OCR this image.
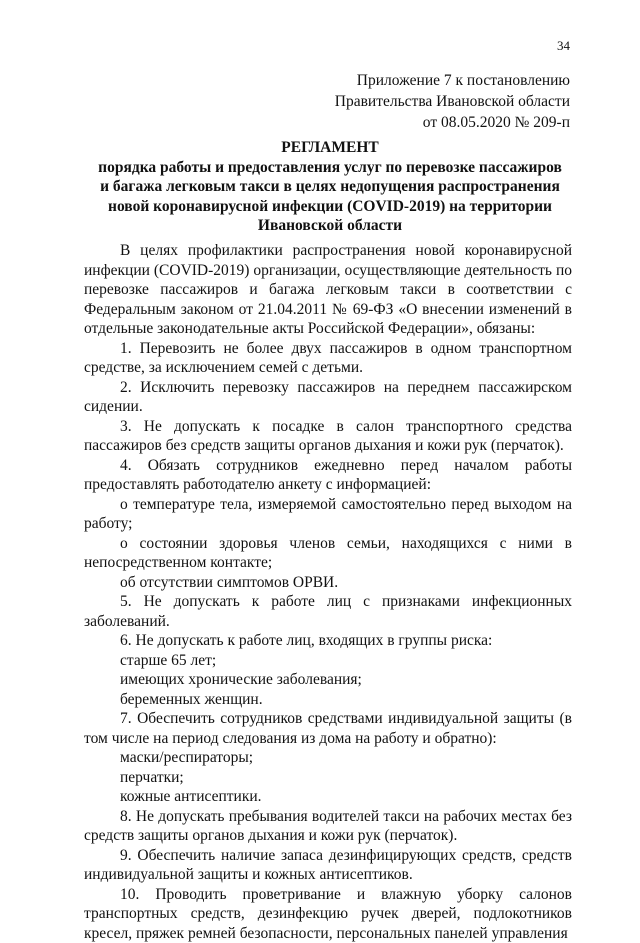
34
Приложение 7 к постановлению
Правительства Ивановской области
от 08.05.2020 № 209-п
РЕГЛАМЕНТ
порядка работы и предоставления услуг по перевозке пассажиров
и багажа легковым такси в целях недопущения распространения
новой коронавирусной инфекции (COVID-2019) на территории
Ивановской области

В целях профилактики распространения новой коронавирусной инфекции (COVID-2019) организации, осуществляющие деятельность по перевозке пассажиров и багажа легковым такси в соответствии с Федеральным законом от 21.04.2011 № 69-ФЗ «О внесении изменений в отдельные законодательные акты Российской Федерации», обязаны:

1. Перевозить не более двух пассажиров в одном транспортном средстве, за исключением семей с детьми.

2. Исключить перевозку пассажиров на переднем пассажирском сидении.

3. Не допускать к посадке в салон транспортного средства пассажиров без средств защиты органов дыхания и кожи рук (перчаток).

4. Обязать сотрудников ежедневно перед началом работы предоставлять работодателю анкету с информацией:

о температуре тела, измеряемой самостоятельно перед выходом на работу;

о состоянии здоровья членов семьи, находящихся с ними в непосредственном контакте;

об отсутствии симптомов ОРВИ.

5. Не допускать к работе лиц с признаками инфекционных заболеваний.

6. Не допускать к работе лиц, входящих в группы риска:

старше 65 лет;

имеющих хронические заболевания;

беременных женщин.

7. Обеспечить сотрудников средствами индивидуальной защиты (в том числе на период следования из дома на работу и обратно):

маски/респираторы;

перчатки;

кожные антисептики.

8. Не допускать пребывания водителей такси на рабочих местах без средств защиты органов дыхания и кожи рук (перчаток).

9. Обеспечить наличие запаса дезинфицирующих средств, средств индивидуальной защиты и кожных антисептиков.

10. Проводить проветривание и влажную уборку салонов транспортных средств, дезинфекцию ручек дверей, подлокотников кресел, пряжек ремней безопасности, персональных панелей управления
